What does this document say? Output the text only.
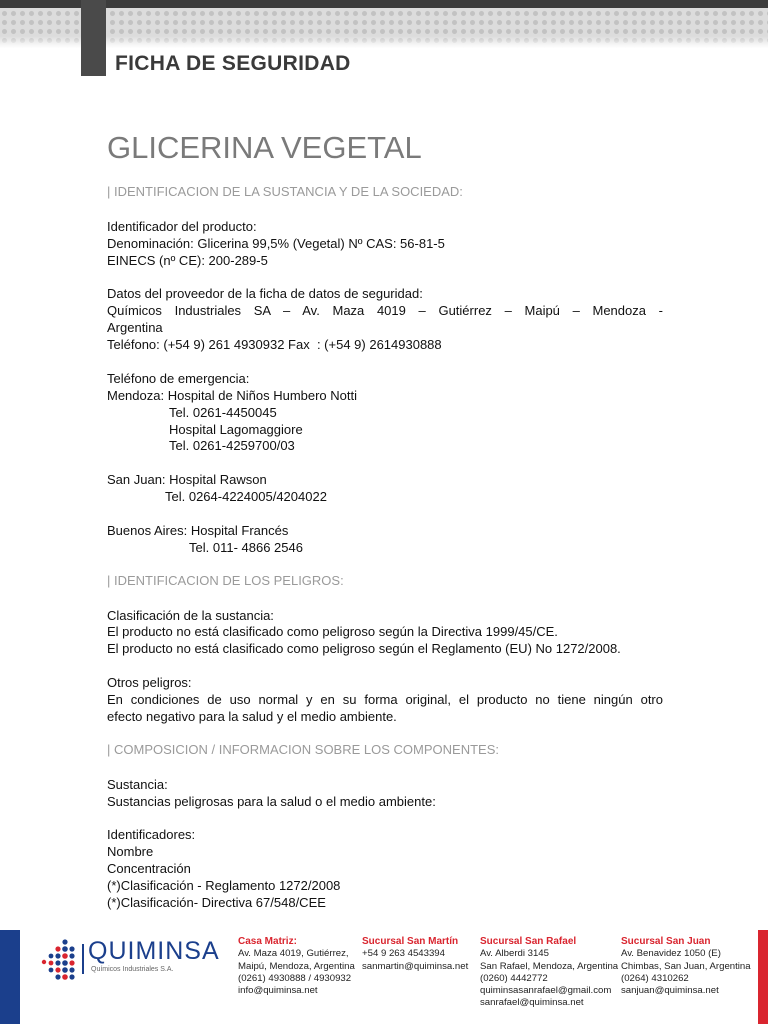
FICHA DE SEGURIDAD
GLICERINA VEGETAL
| IDENTIFICACION DE LA SUSTANCIA Y DE LA SOCIEDAD:
Identificador del producto:
Denominación: Glicerina 99,5% (Vegetal) Nº CAS: 56-81-5
EINECS (nº CE): 200-289-5
Datos del proveedor de la ficha de datos de seguridad:
Químicos Industriales SA – Av. Maza 4019 – Gutiérrez – Maipú – Mendoza -
Argentina
Teléfono: (+54 9) 261 4930932 Fax  : (+54 9) 2614930888
Teléfono de emergencia:
Mendoza: Hospital de Niños Humbero Notti
Tel. 0261-4450045
Hospital Lagomaggiore
Tel. 0261-4259700/03
San Juan: Hospital Rawson
Tel. 0264-4224005/4204022
Buenos Aires: Hospital Francés
Tel. 011- 4866 2546
| IDENTIFICACION DE LOS PELIGROS:
Clasificación de la sustancia:
El producto no está clasificado como peligroso según la Directiva 1999/45/CE.
El producto no está clasificado como peligroso según el Reglamento (EU) No 1272/2008.
Otros peligros:
En condiciones de uso normal y en su forma original, el producto no tiene ningún otro
efecto negativo para la salud y el medio ambiente.
| COMPOSICION / INFORMACION SOBRE LOS COMPONENTES:
Sustancia:
Sustancias peligrosas para la salud o el medio ambiente:
Identificadores:
Nombre
Concentración
(*)Clasificación - Reglamento 1272/2008
(*)Clasificación- Directiva 67/548/CEE
QUIMINSA
Químicos Industriales S.A.
Casa Matriz:
Av. Maza 4019, Gutiérrez,
Maipú, Mendoza, Argentina
(0261) 4930888 / 4930932
info@quiminsa.net
Sucursal San Martín
+54 9 263 4543394
sanmartin@quiminsa.net
Sucursal San Rafael
Av. Alberdi 3145
San Rafael, Mendoza, Argentina
(0260) 4442772
quiminsasanrafael@gmail.com
sanrafael@quiminsa.net
Sucursal San Juan
Av. Benavidez 1050 (E)
Chimbas, San Juan, Argentina
(0264) 4310262
sanjuan@quiminsa.net
